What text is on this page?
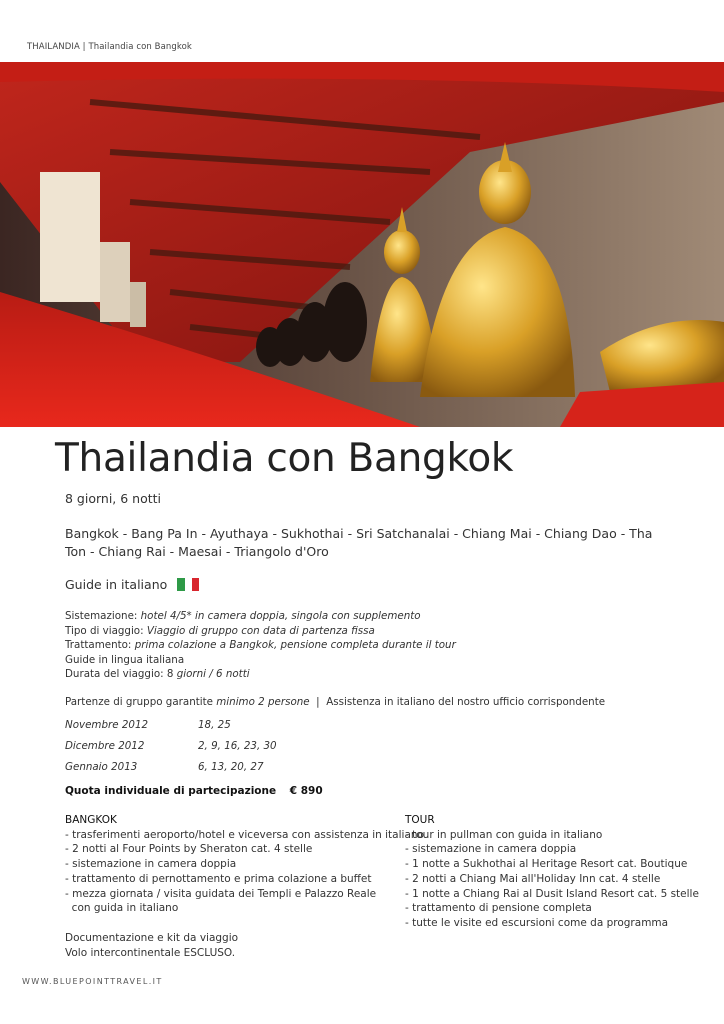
THAILANDIA | Thailandia con Bangkok
Thailandia con Bangkok
8 giorni, 6 notti
Bangkok - Bang Pa In - Ayuthaya - Sukhothai - Sri Satchanalai - Chiang Mai - Chiang Dao - Tha Ton - Chiang Rai - Maesai - Triangolo d'Oro
Guide in italiano
Sistemazione: hotel 4/5* in camera doppia, singola con supplemento
Tipo di viaggio: Viaggio di gruppo con data di partenza fissa
Trattamento: prima colazione a Bangkok, pensione completa durante il tour
Guide in lingua italiana
Durata del viaggio: 8 giorni / 6 notti
Partenze di gruppo garantite minimo 2 persone | Assistenza in italiano del nostro ufficio corrispondente
Novembre 2012	18, 25
Dicembre 2012	2, 9, 16, 23, 30
Gennaio 2013	6, 13, 20, 27
Quota individuale di partecipazione € 890
BANGKOK
- trasferimenti aeroporto/hotel e viceversa con assistenza in italiano
- 2 notti al Four Points by Sheraton cat. 4 stelle
- sistemazione in camera doppia
- trattamento di pernottamento e prima colazione a buffet
- mezza giornata / visita guidata dei Templi e Palazzo Reale
con guida in italiano
TOUR
- tour in pullman con guida in italiano
- sistemazione in camera doppia
- 1 notte a Sukhothai al Heritage Resort cat. Boutique
- 2 notti a Chiang Mai all'Holiday Inn cat. 4 stelle
- 1 notte a Chiang Rai al Dusit Island Resort cat. 5 stelle
- trattamento di pensione completa
- tutte le visite ed escursioni come da programma
Documentazione e kit da viaggio
Volo intercontinentale ESCLUSO.
WWW.BLUEPOINTTRAVEL.IT
